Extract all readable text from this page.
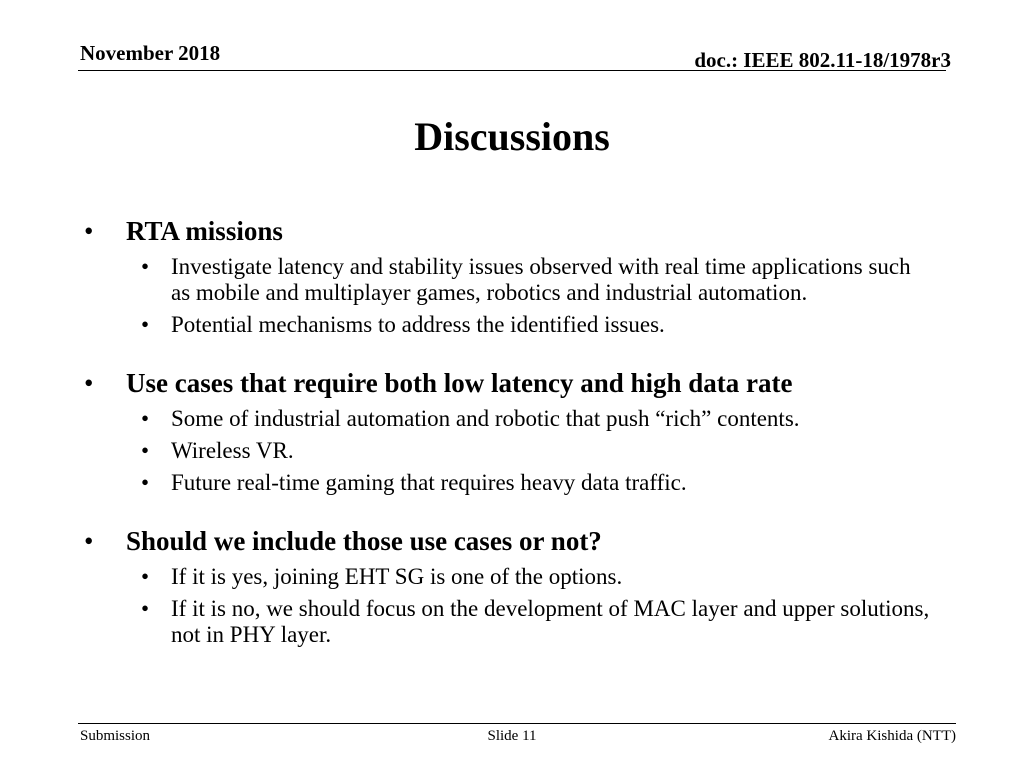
November 2018	doc.: IEEE 802.11-18/1978r3
Discussions
• RTA missions
• Investigate latency and stability issues observed with real time applications such as mobile and multiplayer games, robotics and industrial automation.
• Potential mechanisms to address the identified issues.
• Use cases that require both low latency and high data rate
• Some of industrial automation and robotic that push “rich” contents.
• Wireless VR.
• Future real-time gaming that requires heavy data traffic.
• Should we include those use cases or not?
• If it is yes, joining EHT SG is one of the options.
• If it is no, we should focus on the development of MAC layer and upper solutions, not in PHY layer.
Submission	Slide 11	Akira Kishida (NTT)
